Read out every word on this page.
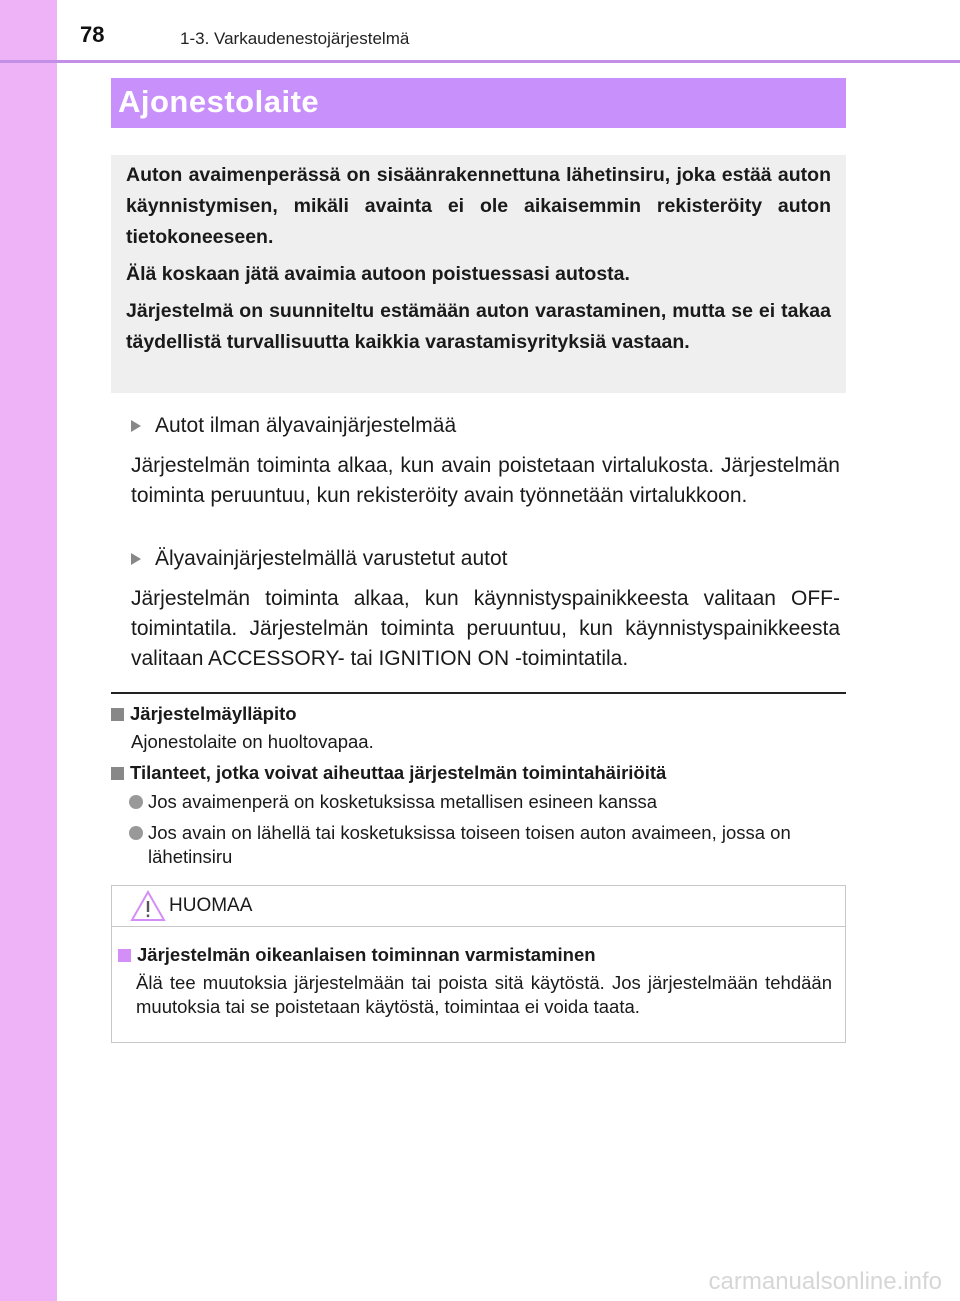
78	1-3. Varkaudenestojärjestelmä
Ajonestolaite

Auton avaimenperässä on sisäänrakennettuna lähetinsiru, joka estää auton käynnistymisen, mikäli avainta ei ole aikaisemmin rekisteröity auton tietokoneeseen.

Älä koskaan jätä avaimia autoon poistuessasi autosta.

Järjestelmä on suunniteltu estämään auton varastaminen, mutta se ei takaa täydellistä turvallisuutta kaikkia varastamisyrityksiä vastaan.

Autot ilman älyavainjärjestelmää

Järjestelmän toiminta alkaa, kun avain poistetaan virtalukosta. Järjestelmän toiminta peruuntuu, kun rekisteröity avain työnnetään virtalukkoon.

Älyavainjärjestelmällä varustetut autot

Järjestelmän toiminta alkaa, kun käynnistyspainikkeesta valitaan OFF-toimintatila. Järjestelmän toiminta peruuntuu, kun käynnistyspainikkeesta valitaan ACCESSORY- tai IGNITION ON -toimintatila.

Järjestelmäylläpito
Ajonestolaite on huoltovapaa.
Tilanteet, jotka voivat aiheuttaa järjestelmän toimintahäiriöitä
Jos avaimenperä on kosketuksissa metallisen esineen kanssa
Jos avain on lähellä tai kosketuksissa toiseen toisen auton avaimeen, jossa on lähetinsiru
HUOMAA
Järjestelmän oikeanlaisen toiminnan varmistaminen

Älä tee muutoksia järjestelmään tai poista sitä käytöstä. Jos järjestelmään tehdään muutoksia tai se poistetaan käytöstä, toimintaa ei voida taata.

carmanualsonline.info
